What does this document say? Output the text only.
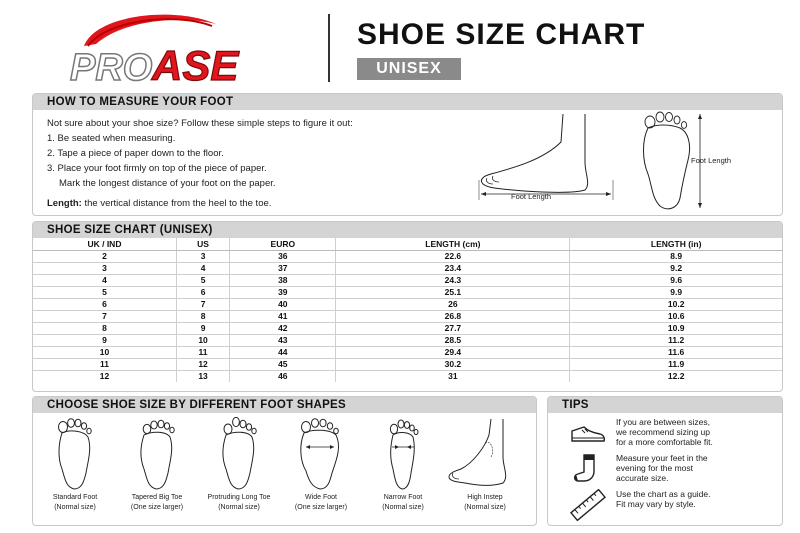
PRO ASE
SHOE SIZE CHART
UNISEX
HOW TO MEASURE YOUR FOOT
Not sure about your shoe size? Follow these simple steps to figure it out:
1. Be seated when measuring.
2. Tape a piece of paper down to the floor.
3. Place your foot firmly on top of the piece of paper.
Mark the longest distance of your foot on the paper.
Length: the vertical distance from the heel to the toe.
Foot Length
Foot Length
SHOE SIZE CHART (UNISEX)
UK / IND	US	EURO	LENGTH (cm)	LENGTH (in)
2	3	36	22.6	8.9
3	4	37	23.4	9.2
4	5	38	24.3	9.6
5	6	39	25.1	9.9
6	7	40	26	10.2
7	8	41	26.8	10.6
8	9	42	27.7	10.9
9	10	43	28.5	11.2
10	11	44	29.4	11.6
11	12	45	30.2	11.9
12	13	46	31	12.2
CHOOSE SHOE SIZE BY DIFFERENT FOOT SHAPES
Standard Foot
(Normal size)
Tapered Big Toe
(One size larger)
Protruding Long Toe
(Normal size)
Wide Foot
(One size larger)
Narrow Foot
(Normal size)
High Instep
(Normal size)
TIPS
If you are between sizes,
we recommend sizing up
for a more comfortable fit.
Measure your feet in the
evening for the most
accurate size.
Use the chart as a guide.
Fit may vary by style.
